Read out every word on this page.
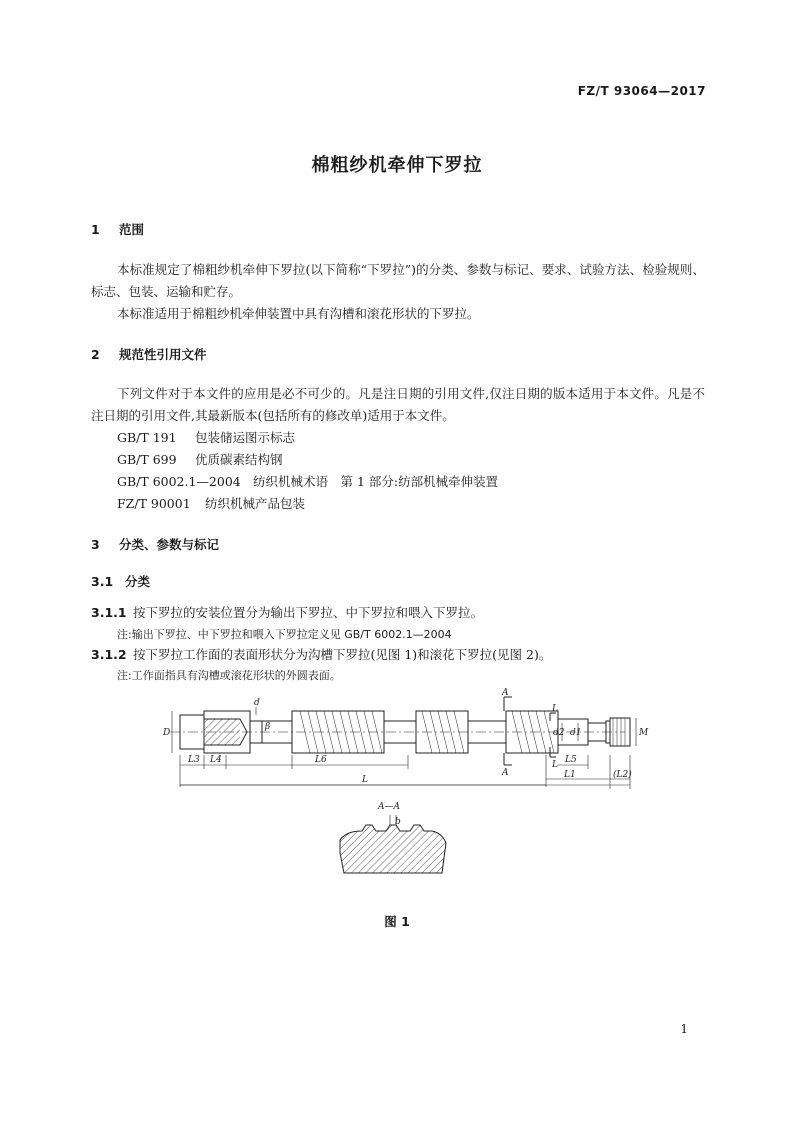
FZ/T 93064—2017
棉粗纱机牵伸下罗拉
1 范围

本标准规定了棉粗纱机牵伸下罗拉(以下简称“下罗拉”)的分类、参数与标记、要求、试验方法、检验规则、标志、包装、运输和贮存。

本标准适用于棉粗纱机牵伸装置中具有沟槽和滚花形状的下罗拉。

2 规范性引用文件

下列文件对于本文件的应用是必不可少的。凡是注日期的引用文件,仅注日期的版本适用于本文件。凡是不注日期的引用文件,其最新版本(包括所有的修改单)适用于本文件。

GB/T 191 包装储运图示标志
GB/T 699 优质碳素结构钢
GB/T 6002.1—2004 纺织机械术语　第 1 部分:纺部机械牵伸装置
FZ/T 90001 纺织机械产品包装
3 分类、参数与标记
3.1 分类
3.1.1 按下罗拉的安装位置分为输出下罗拉、中下罗拉和喂入下罗拉。
注:输出下罗拉、中下罗拉和喂入下罗拉定义见 GB/T 6002.1—2004
3.1.2 按下罗拉工作面的表面形状分为沟槽下罗拉(见图 1)和滚花下罗拉(见图 2)。
注:工作面指具有沟槽或滚花形状的外圆表面。
D
d
β
L3 L4	L6
L
L5
L1	(L2)
d2 d1	M
A
A
L
L
A—A
b
图 1
1
